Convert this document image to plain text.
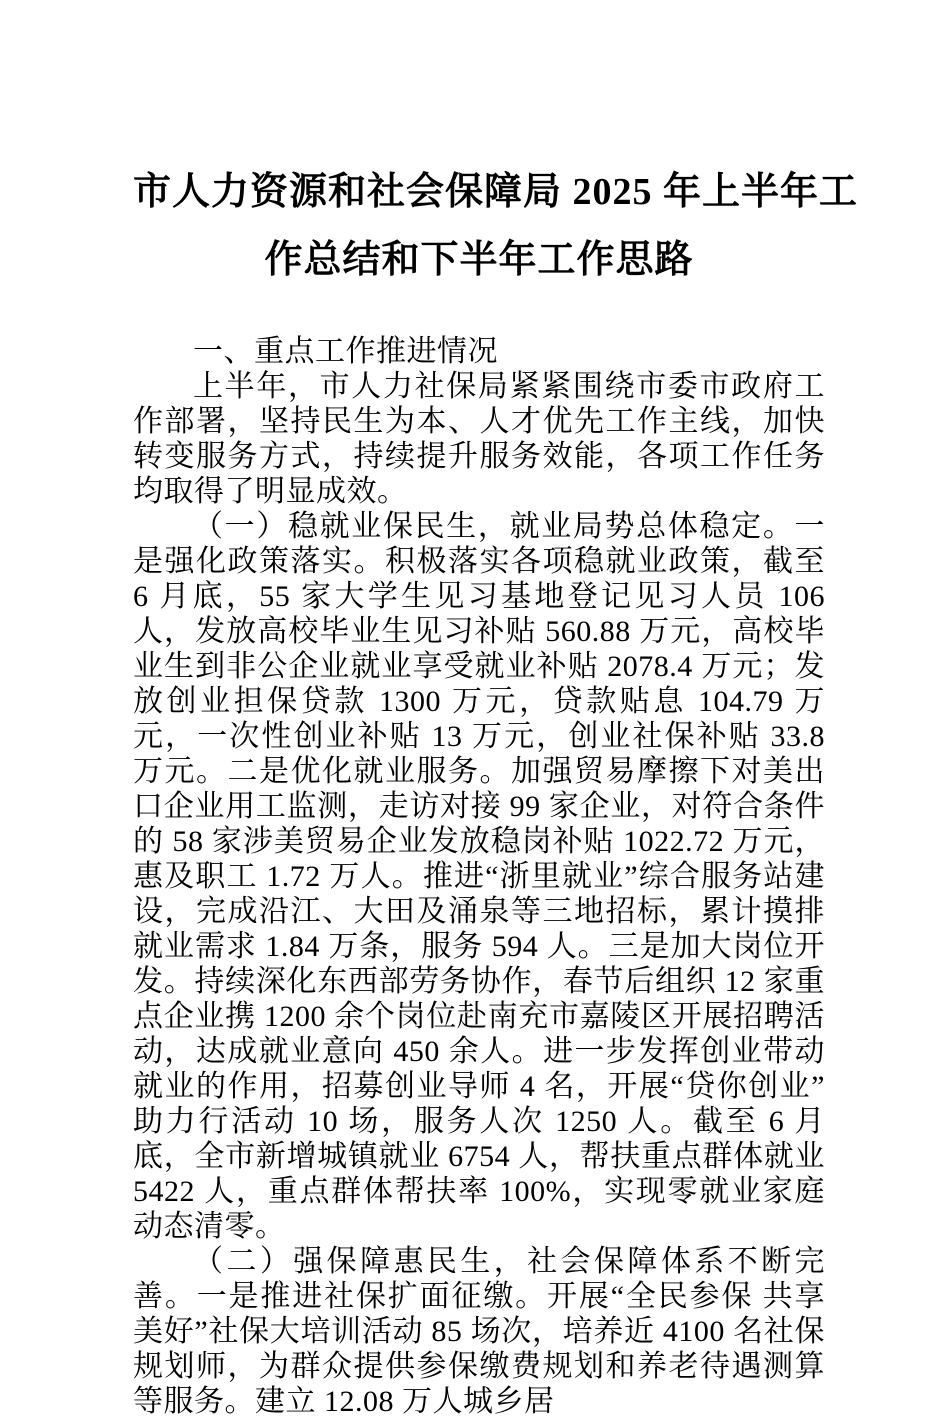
市人力资源和社会保障局 2025 年上半年工
作总结和下半年工作思路

一、重点工作推进情况

上半年，市人力社保局紧紧围绕市委市政府工作部署，坚持民生为本、人才优先工作主线，加快转变服务方式，持续提升服务效能，各项工作任务均取得了明显成效。

（一）稳就业保民生，就业局势总体稳定。一是强化政策落实。积极落实各项稳就业政策，截至 6 月底，55 家大学生见习基地登记见习人员 106 人，发放高校毕业生见习补贴 560.88 万元，高校毕业生到非公企业就业享受就业补贴 2078.4 万元；发放创业担保贷款 1300 万元，贷款贴息 104.79 万元，一次性创业补贴 13 万元，创业社保补贴 33.8 万元。二是优化就业服务。加强贸易摩擦下对美出口企业用工监测，走访对接 99 家企业，对符合条件的 58 家涉美贸易企业发放稳岗补贴 1022.72 万元，惠及职工 1.72 万人。推进“浙里就业”综合服务站建设，完成沿江、大田及涌泉等三地招标，累计摸排就业需求 1.84 万条，服务 594 人。三是加大岗位开发。持续深化东西部劳务协作，春节后组织 12 家重点企业携 1200 余个岗位赴南充市嘉陵区开展招聘活动，达成就业意向 450 余人。进一步发挥创业带动就业的作用，招募创业导师 4 名，开展“贷你创业”助力行活动 10 场，服务人次 1250 人。截至 6 月底，全市新增城镇就业 6754 人，帮扶重点群体就业 5422 人，重点群体帮扶率 100%，实现零就业家庭动态清零。

（二）强保障惠民生，社会保障体系不断完善。一是推进社保扩面征缴。开展“全民参保 共享美好”社保大培训活动 85 场次，培养近 4100 名社保规划师，为群众提供参保缴费规划和养老待遇测算等服务。建立 12.08 万人城乡居
